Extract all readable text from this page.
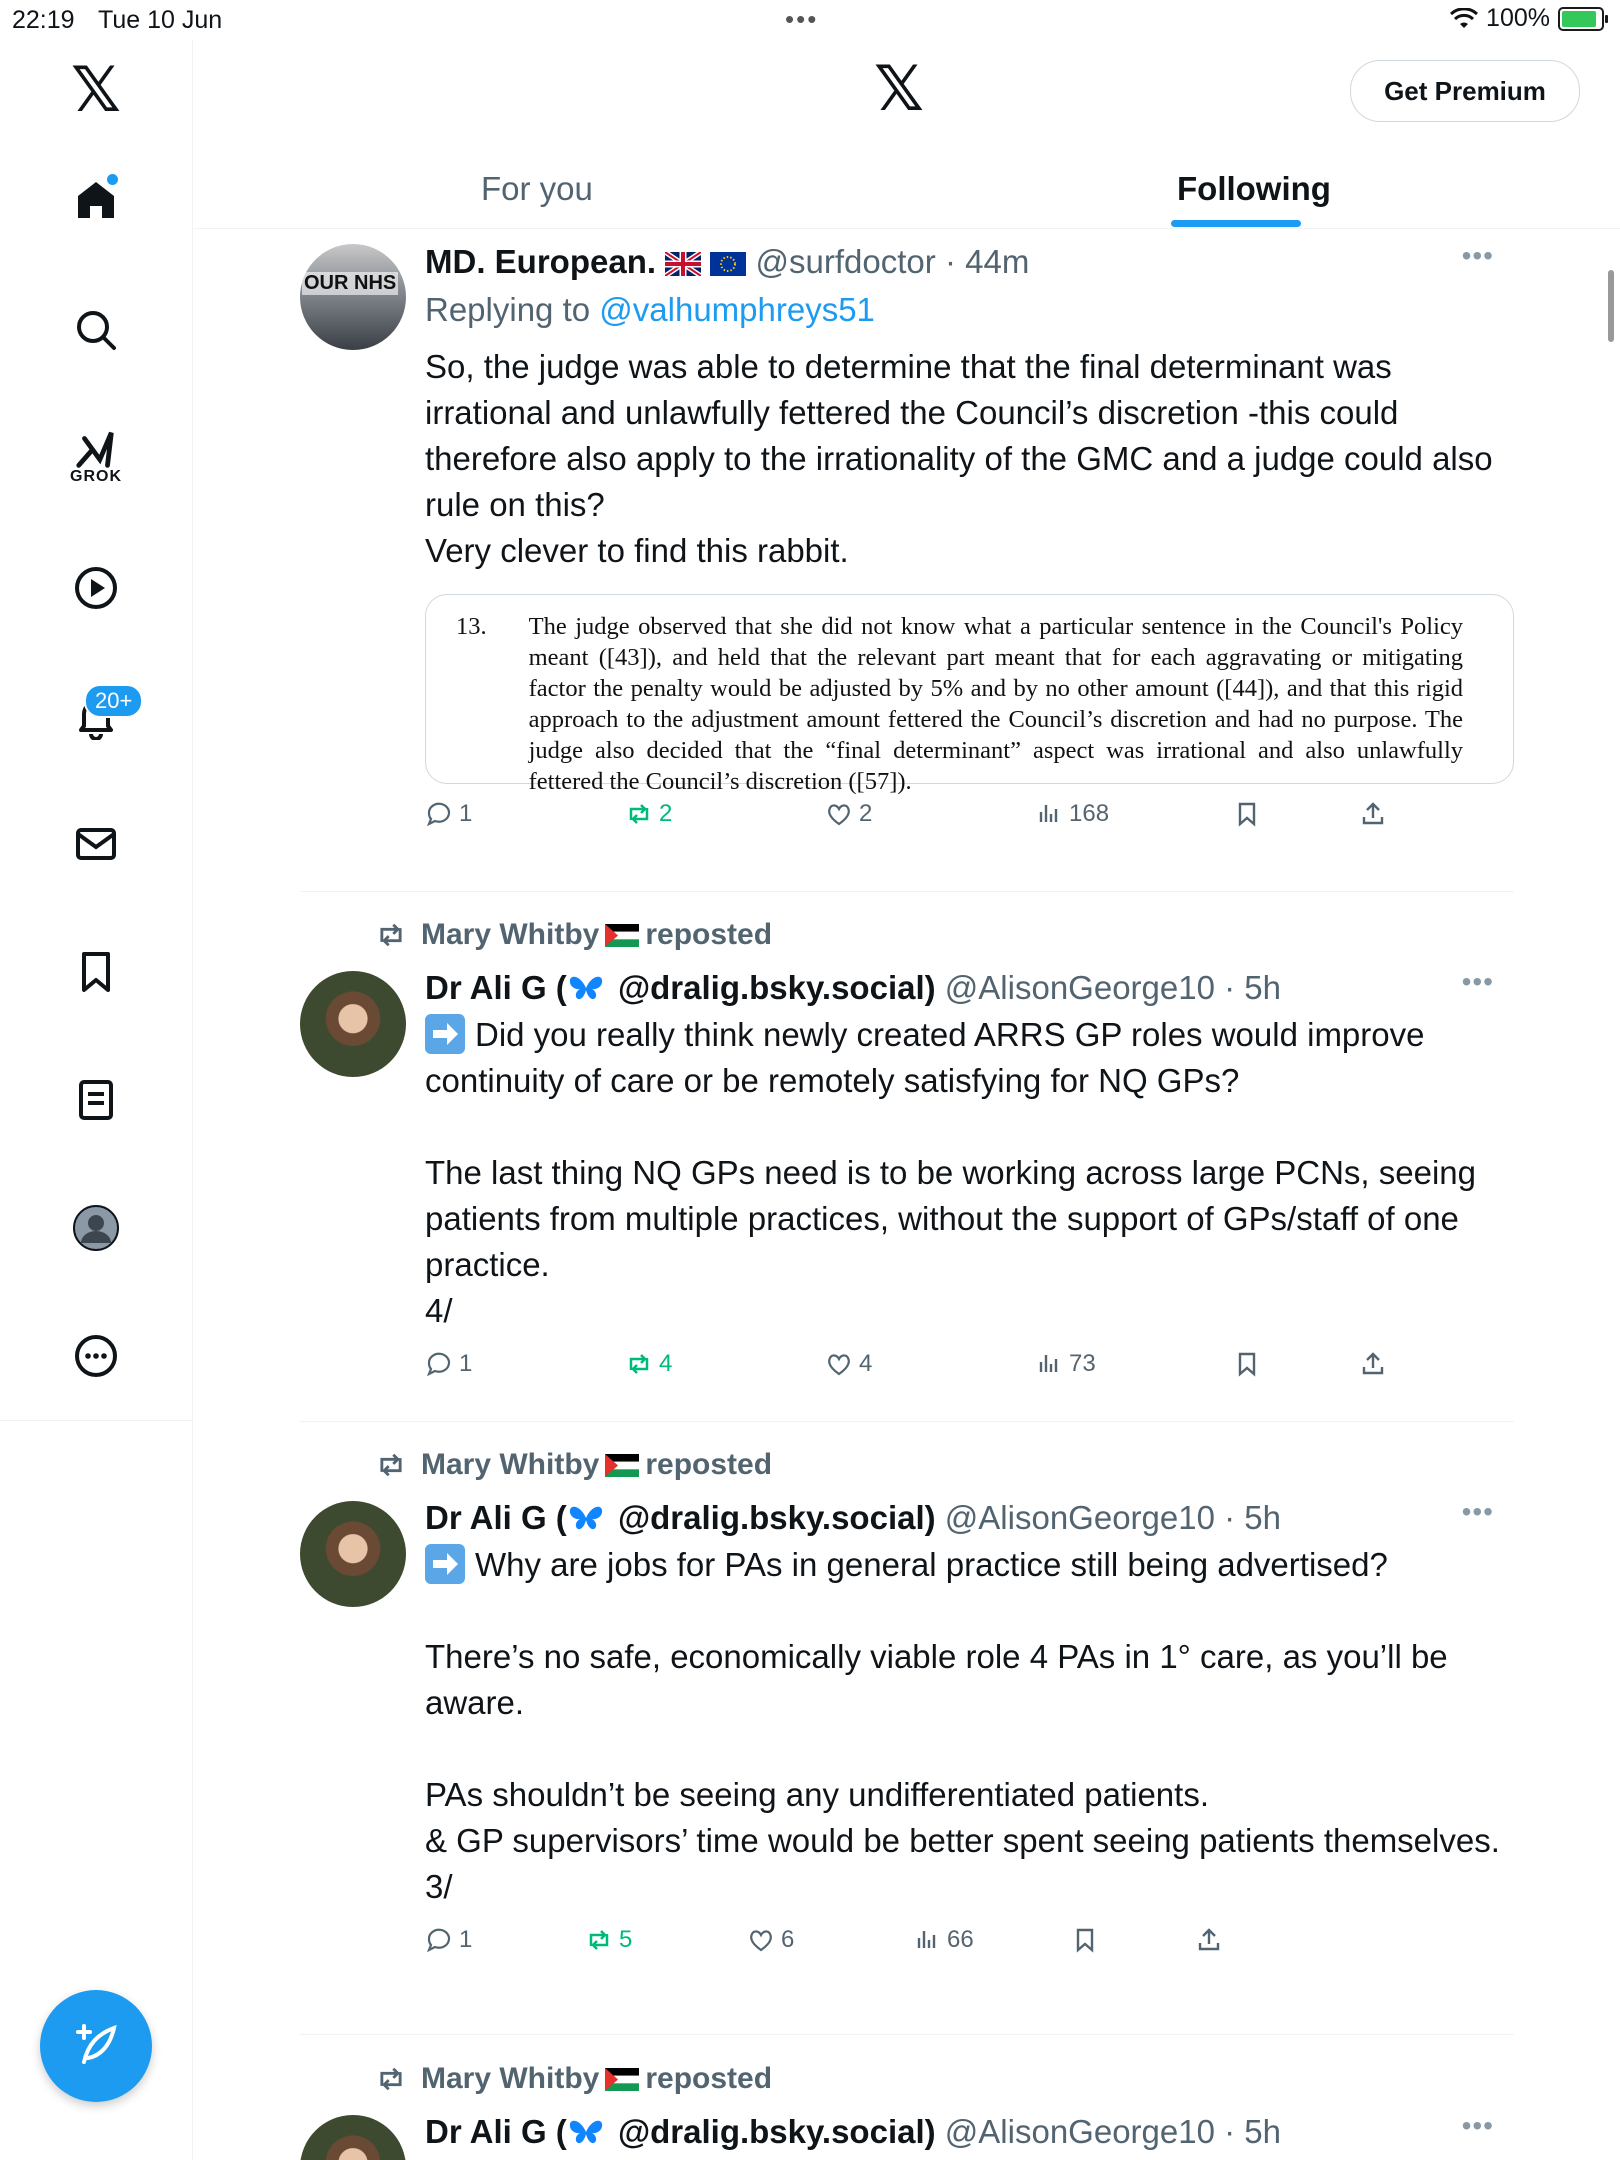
22:19 Tue 10 Jun	•••	100%
𝕏
GROK
20+
𝕏	Get Premium
For you	Following
OUR NHS
•••
MD. European.	@surfdoctor · 44m
Replying to @valhumphreys51
So, the judge was able to determine that the final determinant was irrational and unlawfully fettered the Council’s discretion -this could therefore also apply to the irrationality of the GMC and a judge could also rule on this?
Very clever to find this rabbit.
13. The judge observed that she did not know what a particular sentence in the Council's Policy meant ([43]), and held that the relevant part meant that for each aggravating or mitigating factor the penalty would be adjusted by 5% and by no other amount ([44]), and that this rigid approach to the adjustment amount fettered the Council’s discretion and had no purpose. The judge also decided that the “final determinant” aspect was irrational and also unlawfully fettered the Council’s discretion ([57]).
1	2	2	168
Mary Whitby reposted
•••
Dr Ali G ( @dralig.bsky.social) @AlisonGeorge10 · 5h
Did you really think newly created ARRS GP roles would improve continuity of care or be remotely satisfying for NQ GPs?

The last thing NQ GPs need is to be working across large PCNs, seeing patients from multiple practices, without the support of GPs/staff of one practice.
4/
1	4	4	73
Mary Whitby reposted
•••
Dr Ali G ( @dralig.bsky.social) @AlisonGeorge10 · 5h
Why are jobs for PAs in general practice still being advertised?

There’s no safe, economically viable role 4 PAs in 1° care, as you’ll be aware.

PAs shouldn’t be seeing any undifferentiated patients.
& GP supervisors’ time would be better spent seeing patients themselves.
3/
1	5	6	66
Mary Whitby reposted
•••
Dr Ali G ( @dralig.bsky.social) @AlisonGeorge10 · 5h
